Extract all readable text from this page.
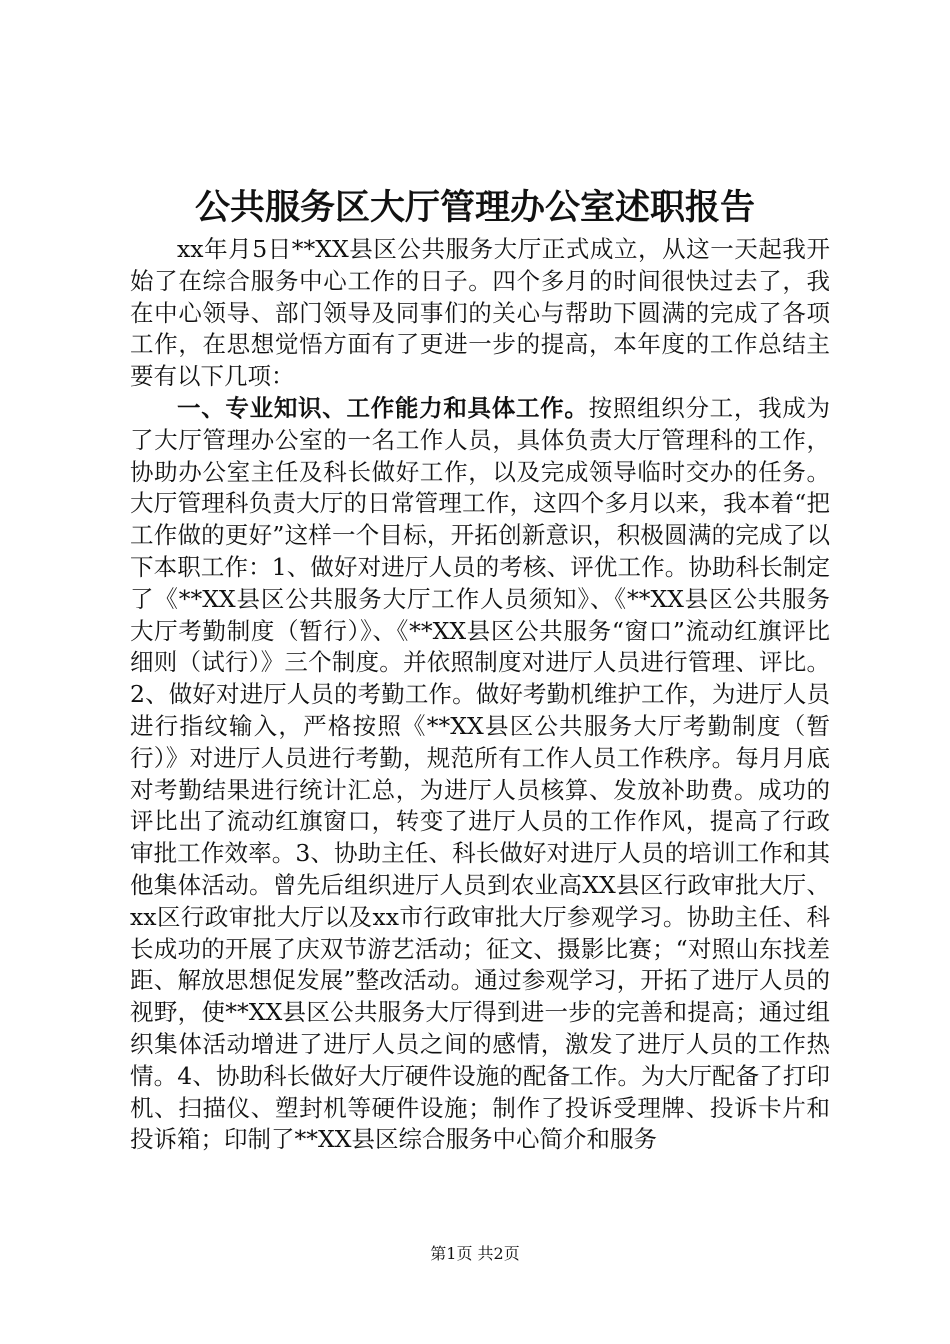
公共服务区大厅管理办公室述职报告

xx年月5日**XX县区公共服务大厅正式成立，从这一天起我开始了在综合服务中心工作的日子。四个多月的时间很快过去了，我在中心领导、部门领导及同事们的关心与帮助下圆满的完成了各项工作，在思想觉悟方面有了更进一步的提高，本年度的工作总结主要有以下几项：

一、专业知识、工作能力和具体工作。按照组织分工，我成为了大厅管理办公室的一名工作人员，具体负责大厅管理科的工作，协助办公室主任及科长做好工作，以及完成领导临时交办的任务。大厅管理科负责大厅的日常管理工作，这四个多月以来，我本着“把工作做的更好”这样一个目标，开拓创新意识，积极圆满的完成了以下本职工作：1、做好对进厅人员的考核、评优工作。协助科长制定了《**XX县区公共服务大厅工作人员须知》、《**XX县区公共服务大厅考勤制度（暂行）》、《**XX县区公共服务“窗口”流动红旗评比细则（试行）》三个制度。并依照制度对进厅人员进行管理、评比。2、做好对进厅人员的考勤工作。做好考勤机维护工作，为进厅人员进行指纹输入，严格按照《**XX县区公共服务大厅考勤制度（暂行）》对进厅人员进行考勤，规范所有工作人员工作秩序。每月月底对考勤结果进行统计汇总，为进厅人员核算、发放补助费。成功的评比出了流动红旗窗口，转变了进厅人员的工作作风，提高了行政审批工作效率。3、协助主任、科长做好对进厅人员的培训工作和其他集体活动。曾先后组织进厅人员到农业高XX县区行政审批大厅、xx区行政审批大厅以及xx市行政审批大厅参观学习。协助主任、科长成功的开展了庆双节游艺活动；征文、摄影比赛；“对照山东找差距、解放思想促发展”整改活动。通过参观学习，开拓了进厅人员的视野，使**XX县区公共服务大厅得到进一步的完善和提高；通过组织集体活动增进了进厅人员之间的感情，激发了进厅人员的工作热情。4、协助科长做好大厅硬件设施的配备工作。为大厅配备了打印机、扫描仪、塑封机等硬件设施；制作了投诉受理牌、投诉卡片和投诉箱；印制了**XX县区综合服务中心简介和服务

第1页 共2页
